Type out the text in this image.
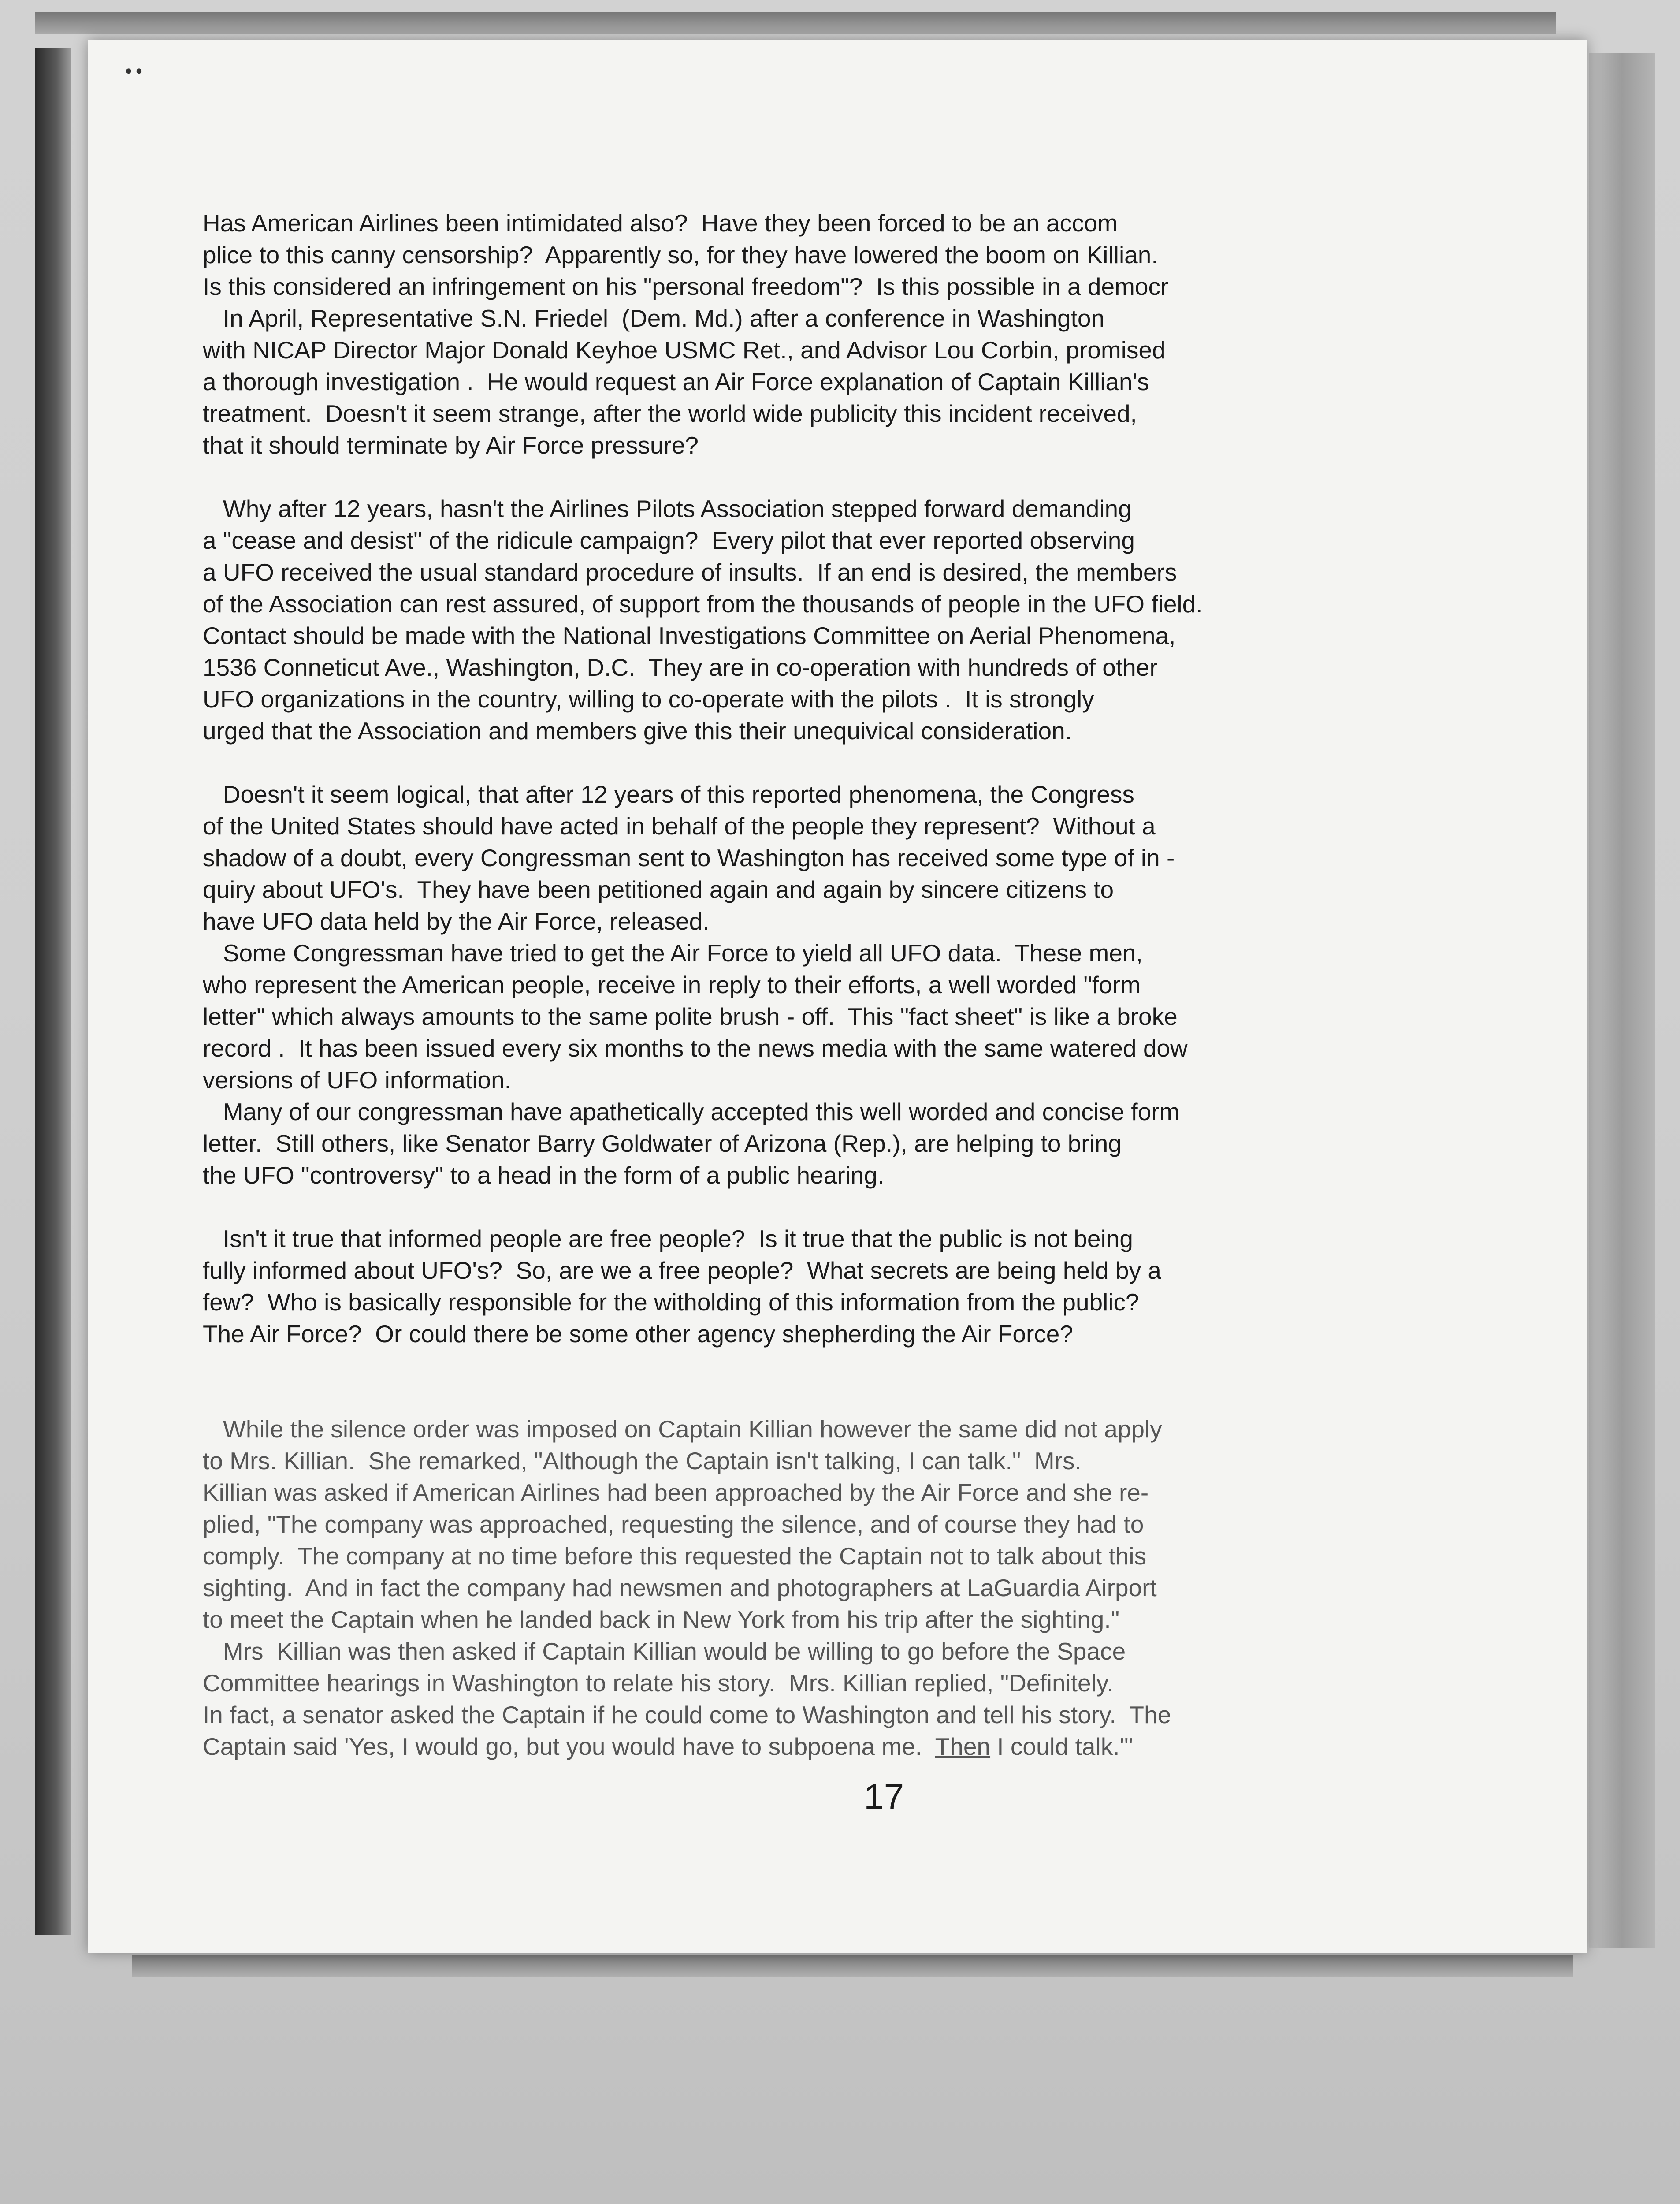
••

Has American Airlines been intimidated also?  Have they been forced to be an accom

plice to this canny censorship?  Apparently so, for they have lowered the boom on Killian.

Is this considered an infringement on his "personal freedom"?  Is this possible in a democr

In April, Representative S.N. Friedel  (Dem. Md.) after a conference in Washington

with NICAP Director Major Donald Keyhoe USMC Ret., and Advisor Lou Corbin, promised

a thorough investigation .  He would request an Air Force explanation of Captain Killian's

treatment.  Doesn't it seem strange, after the world wide publicity this incident received,

that it should terminate by Air Force pressure?

Why after 12 years, hasn't the Airlines Pilots Association stepped forward demanding

a "cease and desist" of the ridicule campaign?  Every pilot that ever reported observing

a UFO received the usual standard procedure of insults.  If an end is desired, the members

of the Association can rest assured, of support from the thousands of people in the UFO field.

Contact should be made with the National Investigations Committee on Aerial Phenomena,

1536 Conneticut Ave., Washington, D.C.  They are in co-operation with hundreds of other

UFO organizations in the country, willing to co-operate with the pilots .  It is strongly

urged that the Association and members give this their unequivical consideration.

Doesn't it seem logical, that after 12 years of this reported phenomena, the Congress

of the United States should have acted in behalf of the people they represent?  Without a

shadow of a doubt, every Congressman sent to Washington has received some type of in -

quiry about UFO's.  They have been petitioned again and again by sincere citizens to

have UFO data held by the Air Force, released.

Some Congressman have tried to get the Air Force to yield all UFO data.  These men,

who represent the American people, receive in reply to their efforts, a well worded "form

letter" which always amounts to the same polite brush - off.  This "fact sheet" is like a broke

record .  It has been issued every six months to the news media with the same watered dow

versions of UFO information.

Many of our congressman have apathetically accepted this well worded and concise form

letter.  Still others, like Senator Barry Goldwater of Arizona (Rep.), are helping to bring

the UFO "controversy" to a head in the form of a public hearing.

Isn't it true that informed people are free people?  Is it true that the public is not being

fully informed about UFO's?  So, are we a free people?  What secrets are being held by a

few?  Who is basically responsible for the witholding of this information from the public?

The Air Force?  Or could there be some other agency shepherding the Air Force?

While the silence order was imposed on Captain Killian however the same did not apply

to Mrs. Killian.  She remarked, "Although the Captain isn't talking, I can talk."  Mrs.

Killian was asked if American Airlines had been approached by the Air Force and she re-

plied, "The company was approached, requesting the silence, and of course they had to

comply.  The company at no time before this requested the Captain not to talk about this

sighting.  And in fact the company had newsmen and photographers at LaGuardia Airport

to meet the Captain when he landed back in New York from his trip after the sighting."

Mrs  Killian was then asked if Captain Killian would be willing to go before the Space

Committee hearings in Washington to relate his story.  Mrs. Killian replied, "Definitely.

In fact, a senator asked the Captain if he could come to Washington and tell his story.  The

Captain said 'Yes, I would go, but you would have to subpoena me.  Then I could talk.'"

17
